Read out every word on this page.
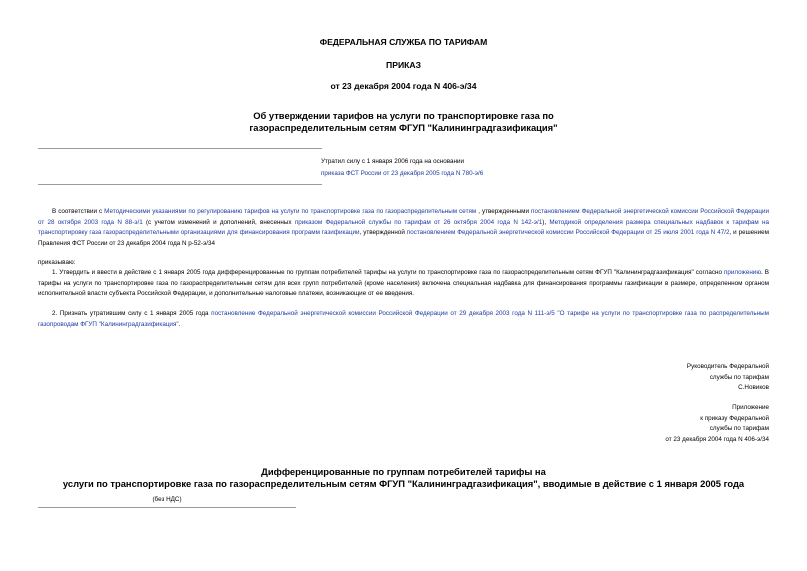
ФЕДЕРАЛЬНАЯ СЛУЖБА ПО ТАРИФАМ
ПРИКАЗ
от 23 декабря 2004 года N 406-э/34
Об утверждении тарифов на услуги по транспортировке газа по
газораспределительным сетям ФГУП "Калининградгазификация"
Утратил силу с 1 января 2006 года на основании
приказа ФСТ России от 23 декабря 2005 года N 780-э/6
В соответствии с Методическими указаниями по регулированию тарифов на услуги по транспортировке газа по газораспределительным сетям , утвержденными постановлением Федеральной энергетической комиссии Российской Федерации от 28 октября 2003 года N 88-э/1 (с учетом изменений и дополнений, внесенных приказом Федеральной службы по тарифам от 26 октября 2004 года N 142-э/1), Методикой определения размера специальных надбавок к тарифам на транспортировку газа газораспределительными организациями для финансирования программ газификации, утвержденной постановлением Федеральной энергетической комиссии Российской Федерации от 25 июля 2001 года N 47/2, и решением Правления ФСТ России от 23 декабря 2004 года N р-52-э/34
приказываю:
1. Утвердить и ввести в действие с 1 января 2005 года дифференцированные по группам потребителей тарифы на услуги по транспортировке газа по газораспределительным сетям ФГУП "Калининградгазификация" согласно приложению. В тарифы на услуги по транспортировке газа по газораспределительным сетям для всех групп потребителей (кроме населения) включена специальная надбавка для финансирования программы газификации в размере, определенном органом исполнительной власти субъекта Российской Федерации, и дополнительные налоговые платежи, возникающие от ее введения.
2. Признать утратившим силу с 1 января 2005 года постановление Федеральной энергетической комиссии Российской Федерации от 29 декабря 2003 года N 111-э/5 "О тарифе на услуги по транспортировке газа по распределительным газопроводам ФГУП "Калининградгазификация".
Руководитель Федеральной
службы по тарифам
С.Новиков
Приложение
к приказу Федеральной
службы по тарифам
от 23 декабря 2004 года N 406-э/34
Дифференцированные по группам потребителей тарифы на
услуги по транспортировке газа по газораспределительным сетям ФГУП "Калининградгазификация", вводимые в действие с 1 января 2005 года
(без НДС)
